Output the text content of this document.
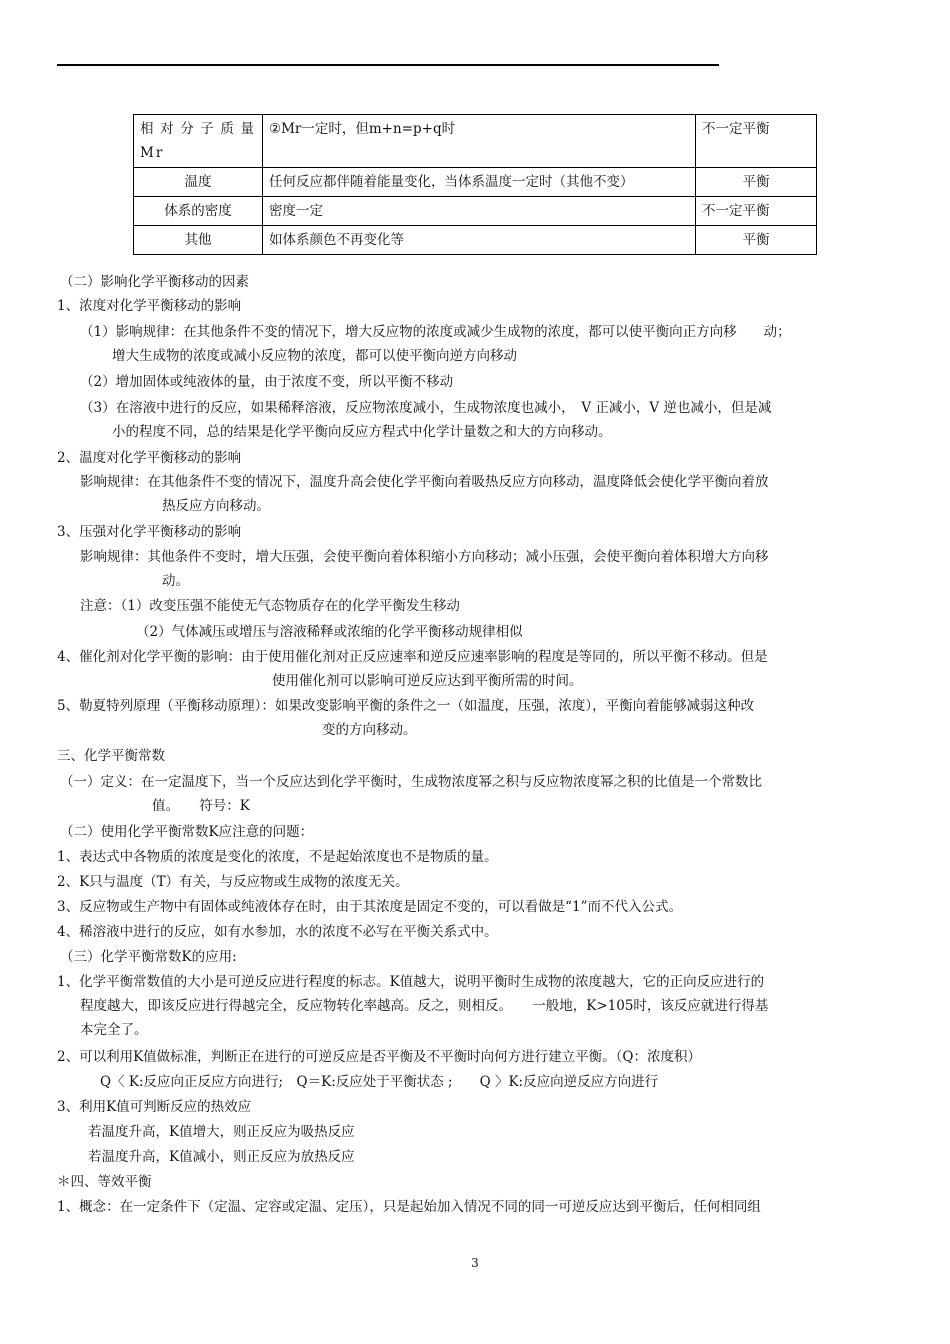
相对分子质量Mr	②Mr一定时，但m+n=p+q时	不一定平衡
温度	任何反应都伴随着能量变化，当体系温度一定时（其他不变）	平衡
体系的密度	密度一定	不一定平衡
其他	如体系颜色不再变化等	平衡
（二）影响化学平衡移动的因素
1、浓度对化学平衡移动的影响
（1）影响规律：在其他条件不变的情况下，增大反应物的浓度或减少生成物的浓度，都可以使平衡向正方向移　　动；
增大生成物的浓度或减小反应物的浓度，都可以使平衡向逆方向移动
（2）增加固体或纯液体的量，由于浓度不变，所以平衡不移动
（3）在溶液中进行的反应，如果稀释溶液，反应物浓度减小，生成物浓度也减小，　V 正减小，V 逆也减小，但是减
小的程度不同，总的结果是化学平衡向反应方程式中化学计量数之和大的方向移动。
2、温度对化学平衡移动的影响
影响规律：在其他条件不变的情况下，温度升高会使化学平衡向着吸热反应方向移动，温度降低会使化学平衡向着放
热反应方向移动。
3、压强对化学平衡移动的影响
影响规律：其他条件不变时，增大压强，会使平衡向着体积缩小方向移动；减小压强，会使平衡向着体积增大方向移
动。
注意：（1）改变压强不能使无气态物质存在的化学平衡发生移动
（2）气体减压或增压与溶液稀释或浓缩的化学平衡移动规律相似
4、催化剂对化学平衡的影响：由于使用催化剂对正反应速率和逆反应速率影响的程度是等同的，所以平衡不移动。但是
使用催化剂可以影响可逆反应达到平衡所需的时间。
5、勒夏特列原理（平衡移动原理）：如果改变影响平衡的条件之一（如温度，压强，浓度），平衡向着能够减弱这种改
变的方向移动。
三、化学平衡常数
（一）定义：在一定温度下，当一个反应达到化学平衡时，生成物浓度幂之积与反应物浓度幂之积的比值是一个常数比
值。　　符号：K
（二）使用化学平衡常数K应注意的问题：
1、表达式中各物质的浓度是变化的浓度，不是起始浓度也不是物质的量。
2、K只与温度（T）有关，与反应物或生成物的浓度无关。
3、反应物或生产物中有固体或纯液体存在时，由于其浓度是固定不变的，可以看做是“1”而不代入公式。
4、稀溶液中进行的反应，如有水参加，水的浓度不必写在平衡关系式中。
（三）化学平衡常数K的应用:
1、化学平衡常数值的大小是可逆反应进行程度的标志。K值越大，说明平衡时生成物的浓度越大，它的正向反应进行的
程度越大，即该反应进行得越完全，反应物转化率越高。反之，则相反。　　一般地，K>105时，该反应就进行得基
本完全了。
2、可以利用K值做标准，判断正在进行的可逆反应是否平衡及不平衡时向何方进行建立平衡。（Q：浓度积）
Q〈 K:反应向正反应方向进行;　Q＝K:反应处于平衡状态 ;　　Q 〉K:反应向逆反应方向进行
3、利用K值可判断反应的热效应
若温度升高，K值增大，则正反应为吸热反应
若温度升高，K值减小，则正反应为放热反应
＊四、等效平衡
1、概念：在一定条件下（定温、定容或定温、定压），只是起始加入情况不同的同一可逆反应达到平衡后，任何相同组
3
